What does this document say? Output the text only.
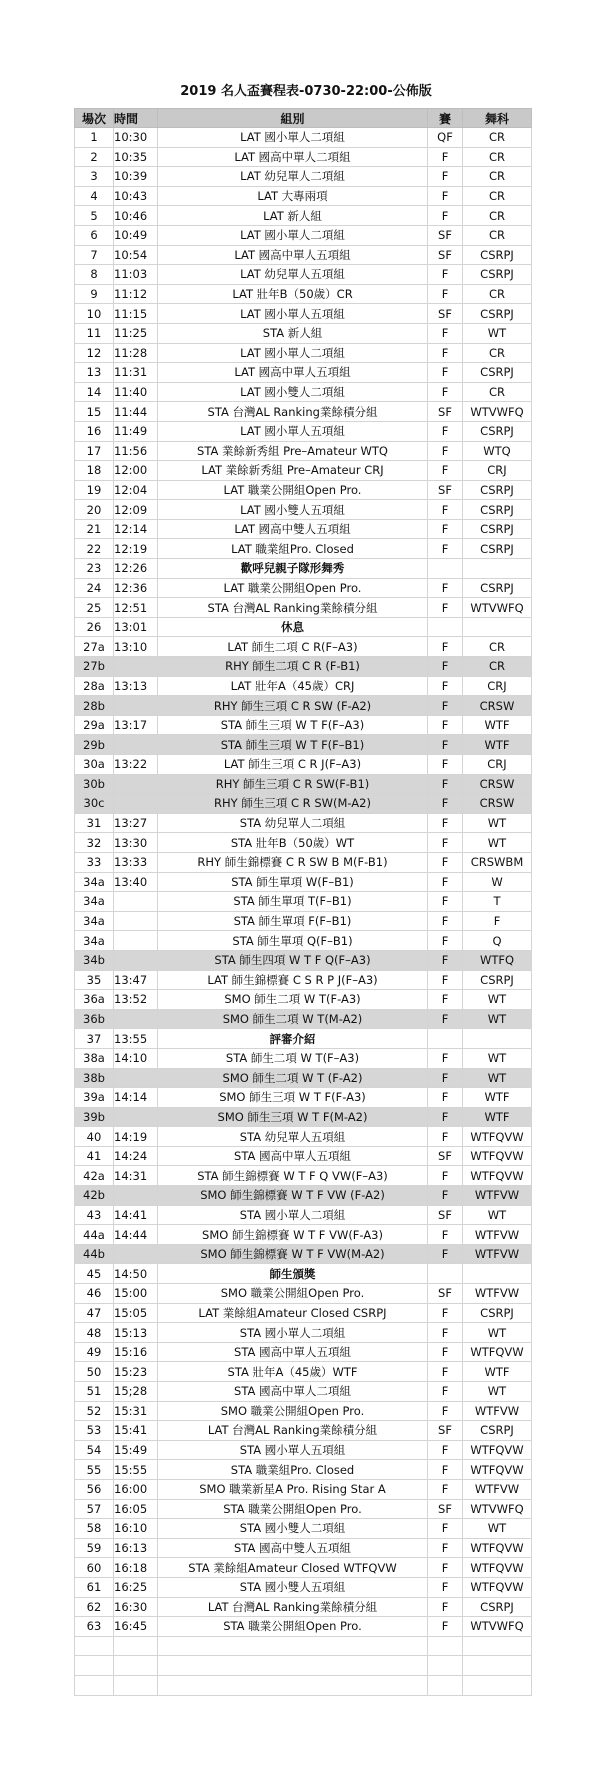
2019 名人盃賽程表-0730-22:00-公佈版
場次	時間	組別	賽	舞科
1	10:30	LAT 國小單人二項組	QF	CR
2	10:35	LAT 國高中單人二項組	F	CR
3	10:39	LAT 幼兒單人二項組	F	CR
4	10:43	LAT 大專兩項	F	CR
5	10:46	LAT 新人組	F	CR
6	10:49	LAT 國小單人二項組	SF	CR
7	10:54	LAT 國高中單人五項組	SF	CSRPJ
8	11:03	LAT 幼兒單人五項組	F	CSRPJ
9	11:12	LAT 壯年B（50歲）CR	F	CR
10	11:15	LAT 國小單人五項組	SF	CSRPJ
11	11:25	STA 新人組	F	WT
12	11:28	LAT 國小單人二項組	F	CR
13	11:31	LAT 國高中單人五項組	F	CSRPJ
14	11:40	LAT 國小雙人二項組	F	CR
15	11:44	STA 台灣AL Ranking業餘積分組	SF	WTVWFQ
16	11:49	LAT 國小單人五項組	F	CSRPJ
17	11:56	STA 業餘新秀組 Pre–Amateur WTQ	F	WTQ
18	12:00	LAT 業餘新秀組 Pre–Amateur CRJ	F	CRJ
19	12:04	LAT 職業公開組Open Pro.	SF	CSRPJ
20	12:09	LAT 國小雙人五項組	F	CSRPJ
21	12:14	LAT 國高中雙人五項組	F	CSRPJ
22	12:19	LAT 職業組Pro. Closed	F	CSRPJ
23	12:26	歡呼兒親子隊形舞秀		
24	12:36	LAT 職業公開組Open Pro.	F	CSRPJ
25	12:51	STA 台灣AL Ranking業餘積分組	F	WTVWFQ
26	13:01	休息		
27a	13:10	LAT 師生二項 C R(F–A3)	F	CR
27b		RHY 師生二項 C R (F-B1)	F	CR
28a	13:13	LAT 壯年A（45歲）CRJ	F	CRJ
28b		RHY 師生三項 C R SW (F-A2)	F	CRSW
29a	13:17	STA 師生三項 W T F(F–A3)	F	WTF
29b		STA 師生三項 W T F(F–B1)	F	WTF
30a	13:22	LAT 師生三項 C R J(F–A3)	F	CRJ
30b		RHY 師生三項 C R SW(F-B1)	F	CRSW
30c		RHY 師生三項 C R SW(M-A2)	F	CRSW
31	13:27	STA 幼兒單人二項組	F	WT
32	13:30	STA 壯年B（50歲）WT	F	WT
33	13:33	RHY 師生錦標賽 C R SW B M(F-B1)	F	CRSWBM
34a	13:40	STA 師生單項 W(F–B1)	F	W
34a		STA 師生單項 T(F–B1)	F	T
34a		STA 師生單項 F(F–B1)	F	F
34a		STA 師生單項 Q(F–B1)	F	Q
34b		STA 師生四項 W T F Q(F–A3)	F	WTFQ
35	13:47	LAT 師生錦標賽 C S R P J(F–A3)	F	CSRPJ
36a	13:52	SMO 師生二項 W T(F-A3)	F	WT
36b		SMO 師生二項 W T(M-A2)	F	WT
37	13:55	評審介紹		
38a	14:10	STA 師生二項 W T(F–A3)	F	WT
38b		SMO 師生二項 W T (F-A2)	F	WT
39a	14:14	SMO 師生三項 W T F(F-A3)	F	WTF
39b		SMO 師生三項 W T F(M-A2)	F	WTF
40	14:19	STA 幼兒單人五項組	F	WTFQVW
41	14:24	STA 國高中單人五項組	SF	WTFQVW
42a	14:31	STA 師生錦標賽 W T F Q VW(F–A3)	F	WTFQVW
42b		SMO 師生錦標賽 W T F VW (F-A2)	F	WTFVW
43	14:41	STA 國小單人二項組	SF	WT
44a	14:44	SMO 師生錦標賽 W T F VW(F-A3)	F	WTFVW
44b		SMO 師生錦標賽 W T F VW(M-A2)	F	WTFVW
45	14:50	師生頒獎		
46	15:00	SMO 職業公開組Open Pro.	SF	WTFVW
47	15:05	LAT 業餘組Amateur Closed CSRPJ	F	CSRPJ
48	15:13	STA 國小單人二項組	F	WT
49	15:16	STA 國高中單人五項組	F	WTFQVW
50	15:23	STA 壯年A（45歲）WTF	F	WTF
51	15;28	STA 國高中單人二項組	F	WT
52	15:31	SMO 職業公開組Open Pro.	F	WTFVW
53	15:41	LAT 台灣AL Ranking業餘積分組	SF	CSRPJ
54	15:49	STA 國小單人五項組	F	WTFQVW
55	15:55	STA 職業組Pro. Closed	F	WTFQVW
56	16:00	SMO 職業新星A Pro. Rising Star A	F	WTFVW
57	16:05	STA 職業公開組Open Pro.	SF	WTVWFQ
58	16:10	STA 國小雙人二項組	F	WT
59	16:13	STA 國高中雙人五項組	F	WTFQVW
60	16:18	STA 業餘組Amateur Closed WTFQVW	F	WTFQVW
61	16:25	STA 國小雙人五項組	F	WTFQVW
62	16:30	LAT 台灣AL Ranking業餘積分組	F	CSRPJ
63	16:45	STA 職業公開組Open Pro.	F	WTVWFQ
